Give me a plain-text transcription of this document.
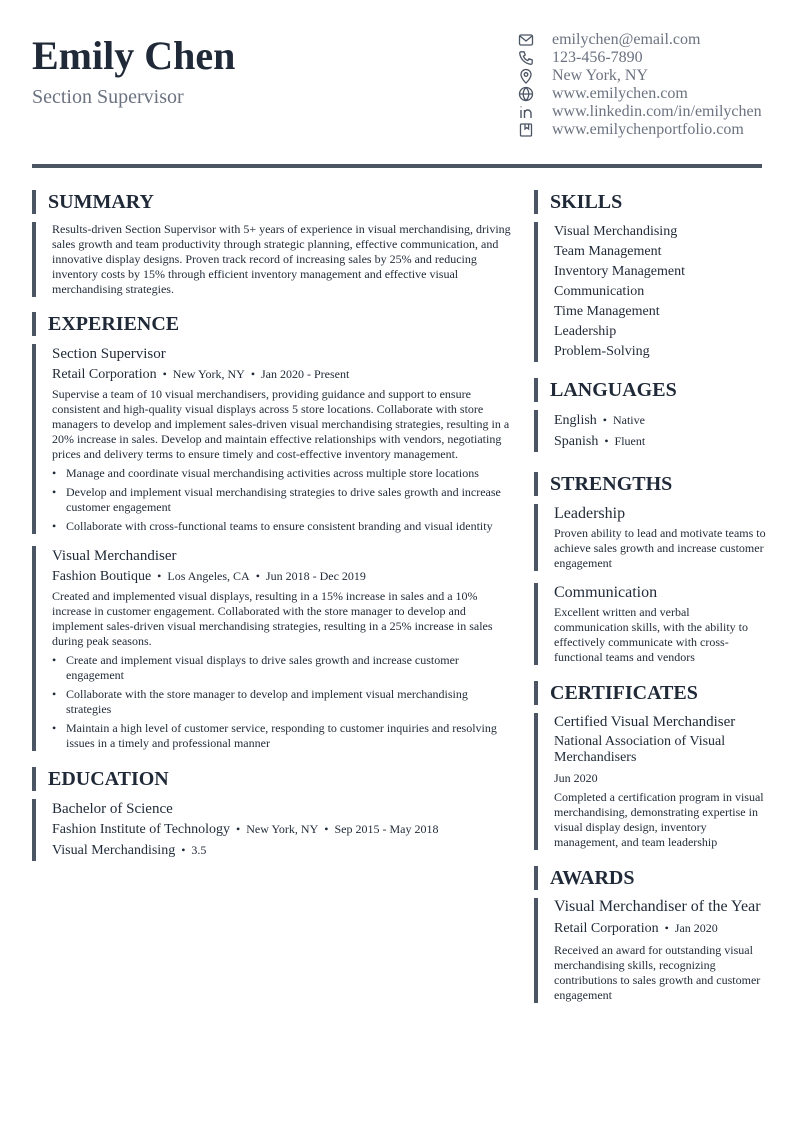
Emily Chen
Section Supervisor
emilychen@email.com
123-456-7890
New York, NY
www.emilychen.com
www.linkedin.com/in/emilychen
www.emilychenportfolio.com
SUMMARY
Results-driven Section Supervisor with 5+ years of experience in visual merchandising, driving sales growth and team productivity through strategic planning, effective communication, and innovative display designs. Proven track record of increasing sales by 25% and reducing inventory costs by 15% through efficient inventory management and effective visual merchandising strategies.
EXPERIENCE
Section Supervisor
Retail Corporation • New York, NY • Jan 2020 - Present
Supervise a team of 10 visual merchandisers, providing guidance and support to ensure consistent and high-quality visual displays across 5 store locations. Collaborate with store managers to develop and implement sales-driven visual merchandising strategies, resulting in a 20% increase in sales. Develop and maintain effective relationships with vendors, negotiating prices and delivery terms to ensure timely and cost-effective inventory management.
• Manage and coordinate visual merchandising activities across multiple store locations
• Develop and implement visual merchandising strategies to drive sales growth and increase customer engagement
• Collaborate with cross-functional teams to ensure consistent branding and visual identity
Visual Merchandiser
Fashion Boutique • Los Angeles, CA • Jun 2018 - Dec 2019
Created and implemented visual displays, resulting in a 15% increase in sales and a 10% increase in customer engagement. Collaborated with the store manager to develop and implement sales-driven visual merchandising strategies, resulting in a 25% increase in sales during peak seasons.
• Create and implement visual displays to drive sales growth and increase customer engagement
• Collaborate with the store manager to develop and implement visual merchandising strategies
• Maintain a high level of customer service, responding to customer inquiries and resolving issues in a timely and professional manner
EDUCATION
Bachelor of Science
Fashion Institute of Technology • New York, NY • Sep 2015 - May 2018
Visual Merchandising • 3.5
SKILLS
Visual Merchandising
Team Management
Inventory Management
Communication
Time Management
Leadership
Problem-Solving
LANGUAGES
English • Native
Spanish • Fluent
STRENGTHS
Leadership
Proven ability to lead and motivate teams to achieve sales growth and increase customer engagement
Communication
Excellent written and verbal communication skills, with the ability to effectively communicate with cross-functional teams and vendors
CERTIFICATES
Certified Visual Merchandiser
National Association of Visual Merchandisers
Jun 2020
Completed a certification program in visual merchandising, demonstrating expertise in visual display design, inventory management, and team leadership
AWARDS
Visual Merchandiser of the Year
Retail Corporation • Jan 2020
Received an award for outstanding visual merchandising skills, recognizing contributions to sales growth and customer engagement
